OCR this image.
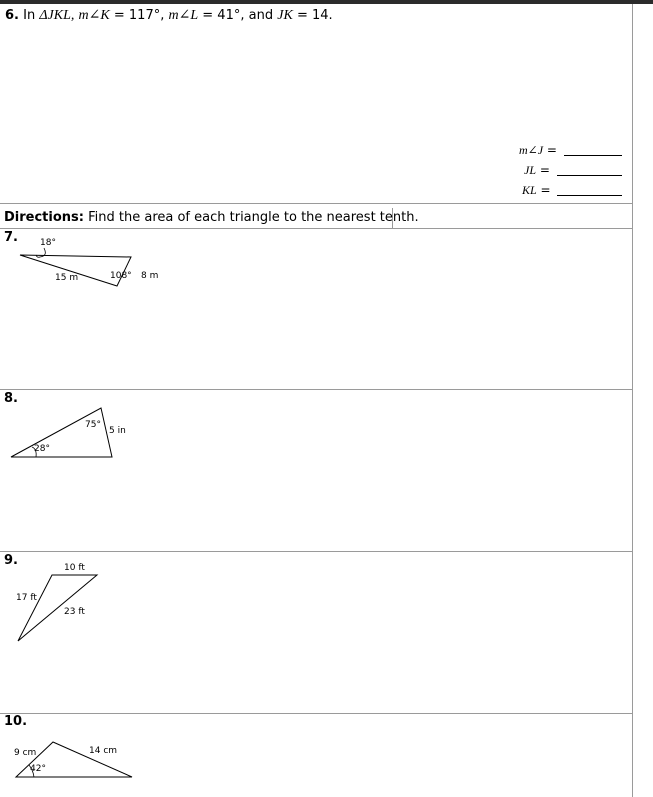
6. In ΔJKL, m∠K = 117°, m∠L = 41°, and JK = 14.
m∠J =
JL =
KL =
Directions: Find the area of each triangle to the nearest tenth.
7.
8.
9.
10.
18°
15 m	108° 8 m
75°
5 in
28°
10 ft
17 ft
23 ft
9 cm	14 cm
42°
